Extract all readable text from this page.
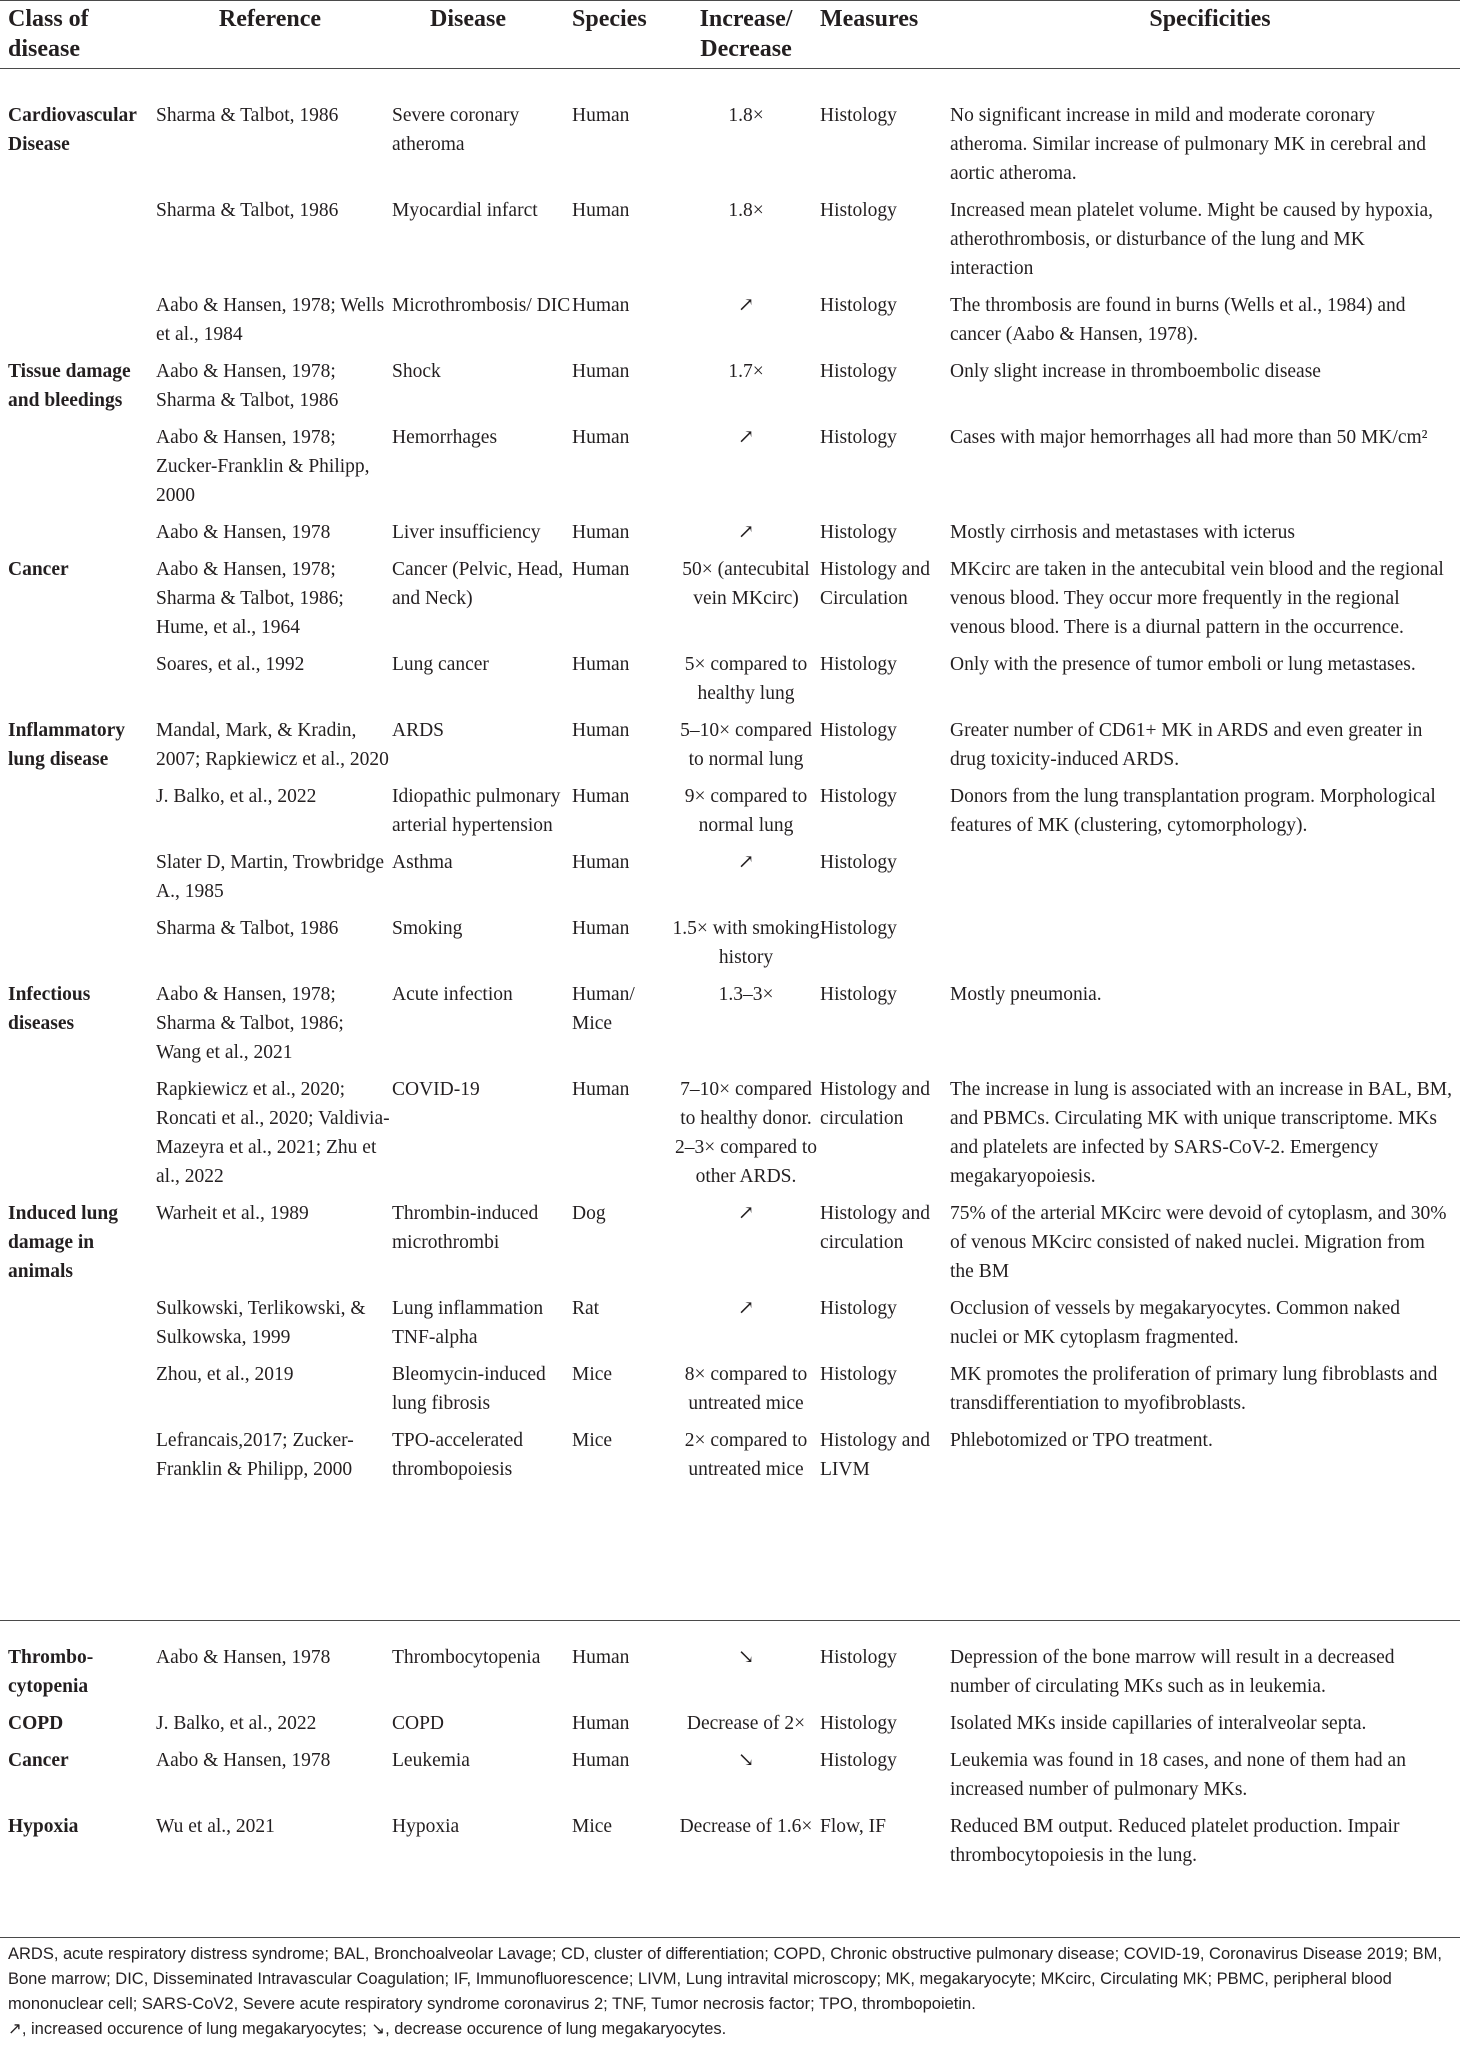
Class of disease	Reference	Disease	Species	Increase/ Decrease	Measures	Specificities
Cardiovascular Disease	Sharma & Talbot, 1986	Severe coronary atheroma	Human	1.8×	Histology	No significant increase in mild and moderate coronary atheroma. Similar increase of pulmonary MK in cerebral and aortic atheroma.
	Sharma & Talbot, 1986	Myocardial infarct	Human	1.8×	Histology	Increased mean platelet volume. Might be caused by hypoxia, atherothrombosis, or disturbance of the lung and MK interaction
	Aabo & Hansen, 1978; Wells et al., 1984	Microthrombosis/ DIC	Human	↗	Histology	The thrombosis are found in burns (Wells et al., 1984) and cancer (Aabo & Hansen, 1978).
Tissue damage and bleedings	Aabo & Hansen, 1978; Sharma & Talbot, 1986	Shock	Human	1.7×	Histology	Only slight increase in thromboembolic disease
	Aabo & Hansen, 1978; Zucker-Franklin & Philipp, 2000	Hemorrhages	Human	↗	Histology	Cases with major hemorrhages all had more than 50 MK/cm²
	Aabo & Hansen, 1978	Liver insufficiency	Human	↗	Histology	Mostly cirrhosis and metastases with icterus
Cancer	Aabo & Hansen, 1978; Sharma & Talbot, 1986; Hume, et al., 1964	Cancer (Pelvic, Head, and Neck)	Human	50× (antecubital vein MKcirc)	Histology and Circulation	MKcirc are taken in the antecubital vein blood and the regional venous blood. They occur more frequently in the regional venous blood. There is a diurnal pattern in the occurrence.
	Soares, et al., 1992	Lung cancer	Human	5× compared to healthy lung	Histology	Only with the presence of tumor emboli or lung metastases.
Inflammatory lung disease	Mandal, Mark, & Kradin, 2007; Rapkiewicz et al., 2020	ARDS	Human	5–10× compared to normal lung	Histology	Greater number of CD61+ MK in ARDS and even greater in drug toxicity-induced ARDS.
	J. Balko, et al., 2022	Idiopathic pulmonary arterial hypertension	Human	9× compared to normal lung	Histology	Donors from the lung transplantation program. Morphological features of MK (clustering, cytomorphology).
	Slater D, Martin, Trowbridge A., 1985	Asthma	Human	↗	Histology	
	Sharma & Talbot, 1986	Smoking	Human	1.5× with smoking history	Histology	
Infectious diseases	Aabo & Hansen, 1978; Sharma & Talbot, 1986; Wang et al., 2021	Acute infection	Human/ Mice	1.3–3×	Histology	Mostly pneumonia.
	Rapkiewicz et al., 2020; Roncati et al., 2020; Valdivia-Mazeyra et al., 2021; Zhu et al., 2022	COVID-19	Human	7–10× compared to healthy donor. 2–3× compared to other ARDS.	Histology and circulation	The increase in lung is associated with an increase in BAL, BM, and PBMCs. Circulating MK with unique transcriptome. MKs and platelets are infected by SARS-CoV-2. Emergency megakaryopoiesis.
Induced lung damage in animals	Warheit et al., 1989	Thrombin-induced microthrombi	Dog	↗	Histology and circulation	75% of the arterial MKcirc were devoid of cytoplasm, and 30% of venous MKcirc consisted of naked nuclei. Migration from the BM
	Sulkowski, Terlikowski, & Sulkowska, 1999	Lung inflammation TNF-alpha	Rat	↗	Histology	Occlusion of vessels by megakaryocytes. Common naked nuclei or MK cytoplasm fragmented.
	Zhou, et al., 2019	Bleomycin-induced lung fibrosis	Mice	8× compared to untreated mice	Histology	MK promotes the proliferation of primary lung fibroblasts and transdifferentiation to myofibroblasts.
	Lefrancais,2017; Zucker-Franklin & Philipp, 2000	TPO-accelerated thrombopoiesis	Mice	2× compared to untreated mice	Histology and LIVM	Phlebotomized or TPO treatment.
Thrombo-cytopenia	Aabo & Hansen, 1978	Thrombocytopenia	Human	↘	Histology	Depression of the bone marrow will result in a decreased number of circulating MKs such as in leukemia.
COPD	J. Balko, et al., 2022	COPD	Human	Decrease of 2×	Histology	Isolated MKs inside capillaries of interalveolar septa.
Cancer	Aabo & Hansen, 1978	Leukemia	Human	↘	Histology	Leukemia was found in 18 cases, and none of them had an increased number of pulmonary MKs.
Hypoxia	Wu et al., 2021	Hypoxia	Mice	Decrease of 1.6×	Flow, IF	Reduced BM output. Reduced platelet production. Impair thrombocytopoiesis in the lung.

ARDS, acute respiratory distress syndrome; BAL, Bronchoalveolar Lavage; CD, cluster of differentiation; COPD, Chronic obstructive pulmonary disease; COVID-19, Coronavirus Disease 2019; BM, Bone marrow; DIC, Disseminated Intravascular Coagulation; IF, Immunofluorescence; LIVM, Lung intravital microscopy; MK, megakaryocyte; MKcirc, Circulating MK; PBMC, peripheral blood mononuclear cell; SARS-CoV2, Severe acute respiratory syndrome coronavirus 2; TNF, Tumor necrosis factor; TPO, thrombopoietin.

↗, increased occurence of lung megakaryocytes; ↘, decrease occurence of lung megakaryocytes.
